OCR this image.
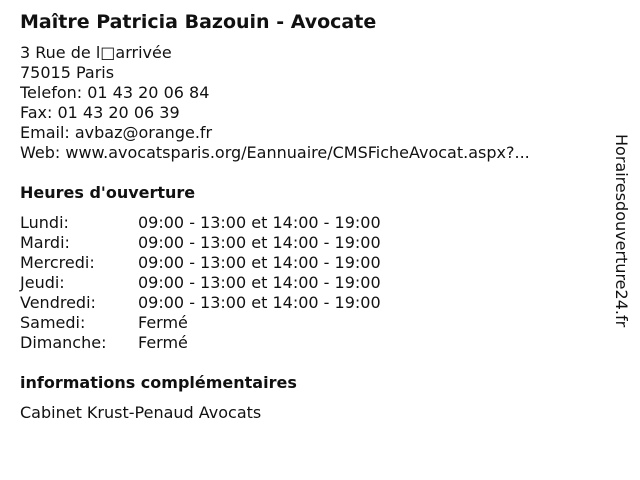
Maître Patricia Bazouin - Avocate
3 Rue de l□arrivée
75015 Paris
Telefon: 01 43 20 06 84
Fax: 01 43 20 06 39
Email: avbaz@orange.fr
Web: www.avocatsparis.org/Eannuaire/CMSFicheAvocat.aspx?...
Heures d'ouverture
Lundi:	09:00 - 13:00 et 14:00 - 19:00
Mardi:	09:00 - 13:00 et 14:00 - 19:00
Mercredi:	09:00 - 13:00 et 14:00 - 19:00
Jeudi:	09:00 - 13:00 et 14:00 - 19:00
Vendredi:	09:00 - 13:00 et 14:00 - 19:00
Samedi:	Fermé
Dimanche:	Fermé
informations complémentaires
Cabinet Krust-Penaud Avocats
Horairesdouverture24.fr
